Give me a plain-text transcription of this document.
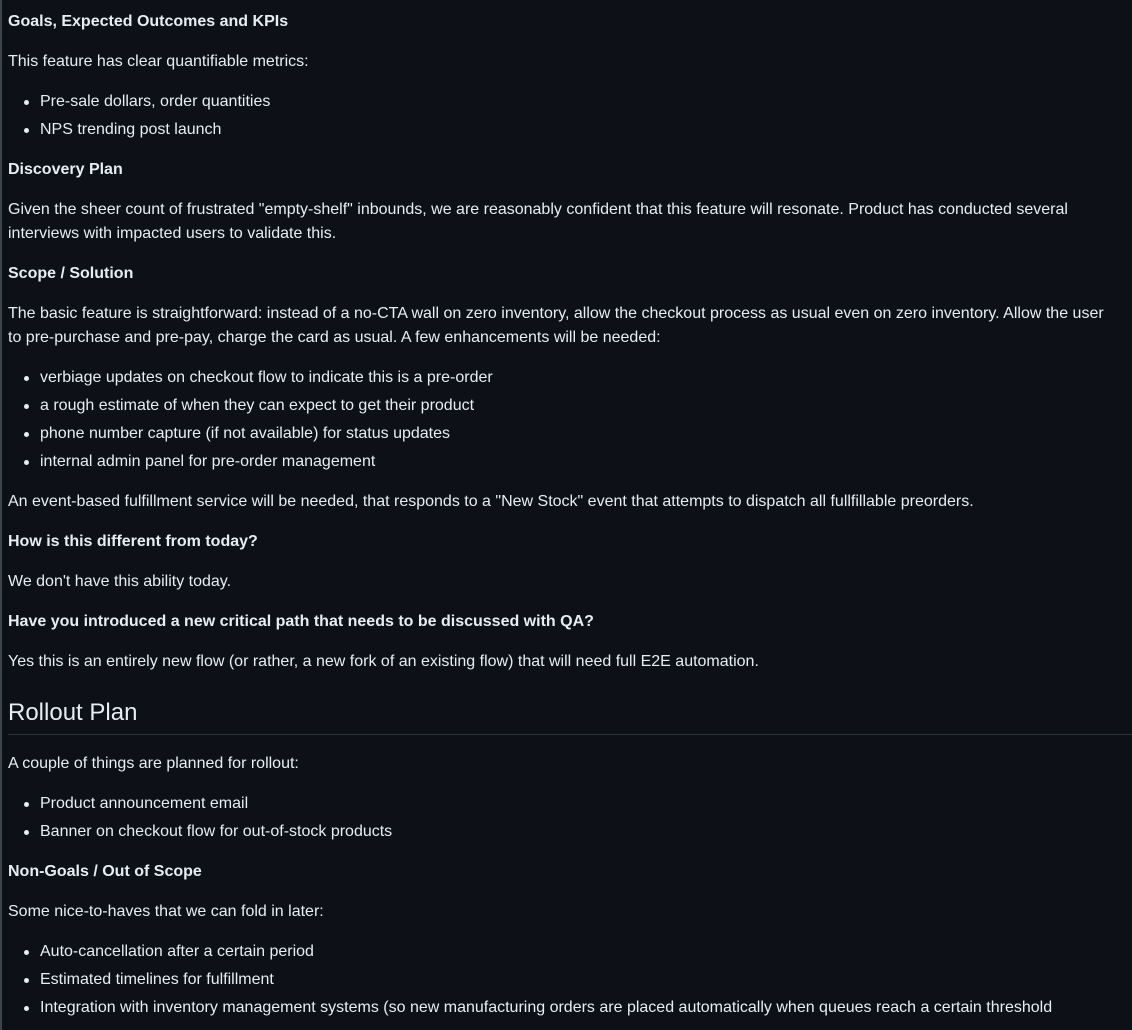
Goals, Expected Outcomes and KPIs
This feature has clear quantifiable metrics:
Pre-sale dollars, order quantities
NPS trending post launch
Discovery Plan
Given the sheer count of frustrated "empty-shelf" inbounds, we are reasonably confident that this feature will resonate. Product has conducted several
interviews with impacted users to validate this.
Scope / Solution
The basic feature is straightforward: instead of a no-CTA wall on zero inventory, allow the checkout process as usual even on zero inventory. Allow the user
to pre-purchase and pre-pay, charge the card as usual. A few enhancements will be needed:
verbiage updates on checkout flow to indicate this is a pre-order
a rough estimate of when they can expect to get their product
phone number capture (if not available) for status updates
internal admin panel for pre-order management
An event-based fulfillment service will be needed, that responds to a "New Stock" event that attempts to dispatch all fullfillable preorders.
How is this different from today?
We don't have this ability today.
Have you introduced a new critical path that needs to be discussed with QA?
Yes this is an entirely new flow (or rather, a new fork of an existing flow) that will need full E2E automation.
Rollout Plan
A couple of things are planned for rollout:
Product announcement email
Banner on checkout flow for out-of-stock products
Non-Goals / Out of Scope
Some nice-to-haves that we can fold in later:
Auto-cancellation after a certain period
Estimated timelines for fulfillment
Integration with inventory management systems (so new manufacturing orders are placed automatically when queues reach a certain threshold
